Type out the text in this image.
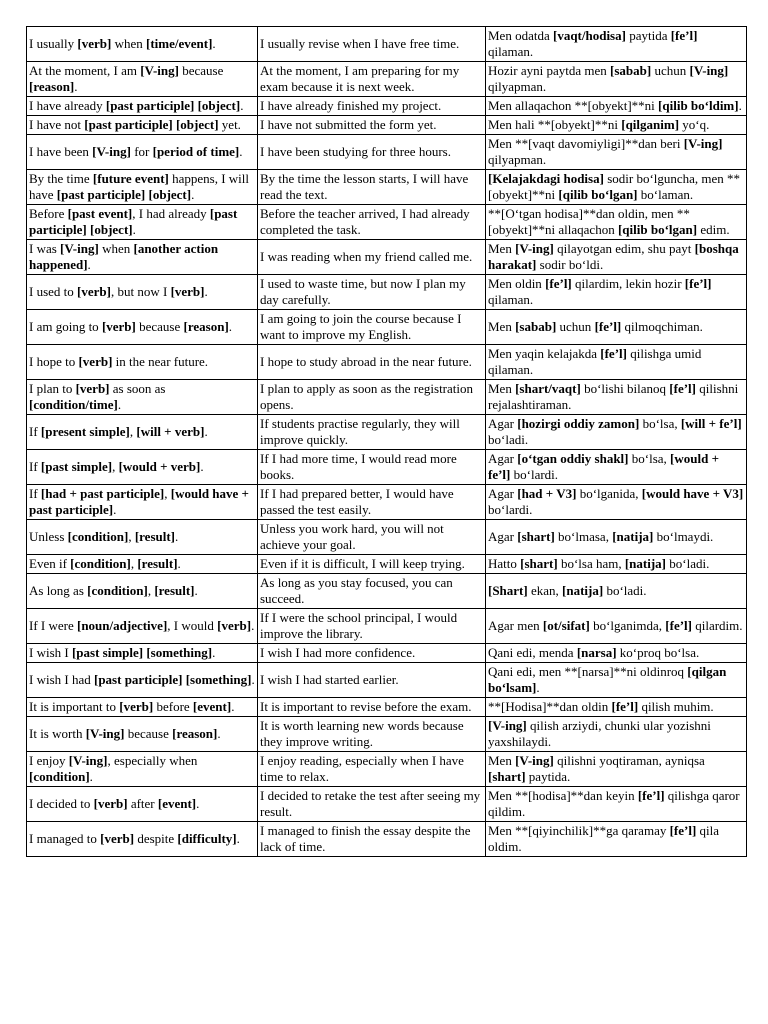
I usually [verb] when [time/event].	I usually revise when I have free time.	Men odatda [vaqt/hodisa] paytida [fe’l] qilaman.
At the moment, I am [V-ing] because [reason].	At the moment, I am preparing for my exam because it is next week.	Hozir ayni paytda men [sabab] uchun [V-ing] qilyapman.
I have already [past participle] [object].	I have already finished my project.	Men allaqachon **[obyekt]**ni [qilib bo‘ldim].
I have not [past participle] [object] yet.	I have not submitted the form yet.	Men hali **[obyekt]**ni [qilganim] yo‘q.
I have been [V-ing] for [period of time].	I have been studying for three hours.	Men **[vaqt davomiyligi]**dan beri [V-ing] qilyapman.
By the time [future event] happens, I will have [past participle] [object].	By the time the lesson starts, I will have read the text.	[Kelajakdagi hodisa] sodir bo‘lguncha, men **[obyekt]**ni [qilib bo‘lgan] bo‘laman.
Before [past event], I had already [past participle] [object].	Before the teacher arrived, I had already completed the task.	**[O‘tgan hodisa]**dan oldin, men **[obyekt]**ni allaqachon [qilib bo‘lgan] edim.
I was [V-ing] when [another action happened].	I was reading when my friend called me.	Men [V-ing] qilayotgan edim, shu payt [boshqa harakat] sodir bo‘ldi.
I used to [verb], but now I [verb].	I used to waste time, but now I plan my day carefully.	Men oldin [fe’l] qilardim, lekin hozir [fe’l] qilaman.
I am going to [verb] because [reason].	I am going to join the course because I want to improve my English.	Men [sabab] uchun [fe’l] qilmoqchiman.
I hope to [verb] in the near future.	I hope to study abroad in the near future.	Men yaqin kelajakda [fe’l] qilishga umid qilaman.
I plan to [verb] as soon as [condition/time].	I plan to apply as soon as the registration opens.	Men [shart/vaqt] bo‘lishi bilanoq [fe’l] qilishni rejalashtiraman.
If [present simple], [will + verb].	If students practise regularly, they will improve quickly.	Agar [hozirgi oddiy zamon] bo‘lsa, [will + fe’l] bo‘ladi.
If [past simple], [would + verb].	If I had more time, I would read more books.	Agar [o‘tgan oddiy shakl] bo‘lsa, [would + fe’l] bo‘lardi.
If [had + past participle], [would have + past participle].	If I had prepared better, I would have passed the test easily.	Agar [had + V3] bo‘lganida, [would have + V3] bo‘lardi.
Unless [condition], [result].	Unless you work hard, you will not achieve your goal.	Agar [shart] bo‘lmasa, [natija] bo‘lmaydi.
Even if [condition], [result].	Even if it is difficult, I will keep trying.	Hatto [shart] bo‘lsa ham, [natija] bo‘ladi.
As long as [condition], [result].	As long as you stay focused, you can succeed.	[Shart] ekan, [natija] bo‘ladi.
If I were [noun/adjective], I would [verb].	If I were the school principal, I would improve the library.	Agar men [ot/sifat] bo‘lganimda, [fe’l] qilardim.
I wish I [past simple] [something].	I wish I had more confidence.	Qani edi, menda [narsa] ko‘proq bo‘lsa.
I wish I had [past participle] [something].	I wish I had started earlier.	Qani edi, men **[narsa]**ni oldinroq [qilgan bo‘lsam].
It is important to [verb] before [event].	It is important to revise before the exam.	**[Hodisa]**dan oldin [fe’l] qilish muhim.
It is worth [V-ing] because [reason].	It is worth learning new words because they improve writing.	[V-ing] qilish arziydi, chunki ular yozishni yaxshilaydi.
I enjoy [V-ing], especially when [condition].	I enjoy reading, especially when I have time to relax.	Men [V-ing] qilishni yoqtiraman, ayniqsa [shart] paytida.
I decided to [verb] after [event].	I decided to retake the test after seeing my result.	Men **[hodisa]**dan keyin [fe’l] qilishga qaror qildim.
I managed to [verb] despite [difficulty].	I managed to finish the essay despite the lack of time.	Men **[qiyinchilik]**ga qaramay [fe’l] qila oldim.
